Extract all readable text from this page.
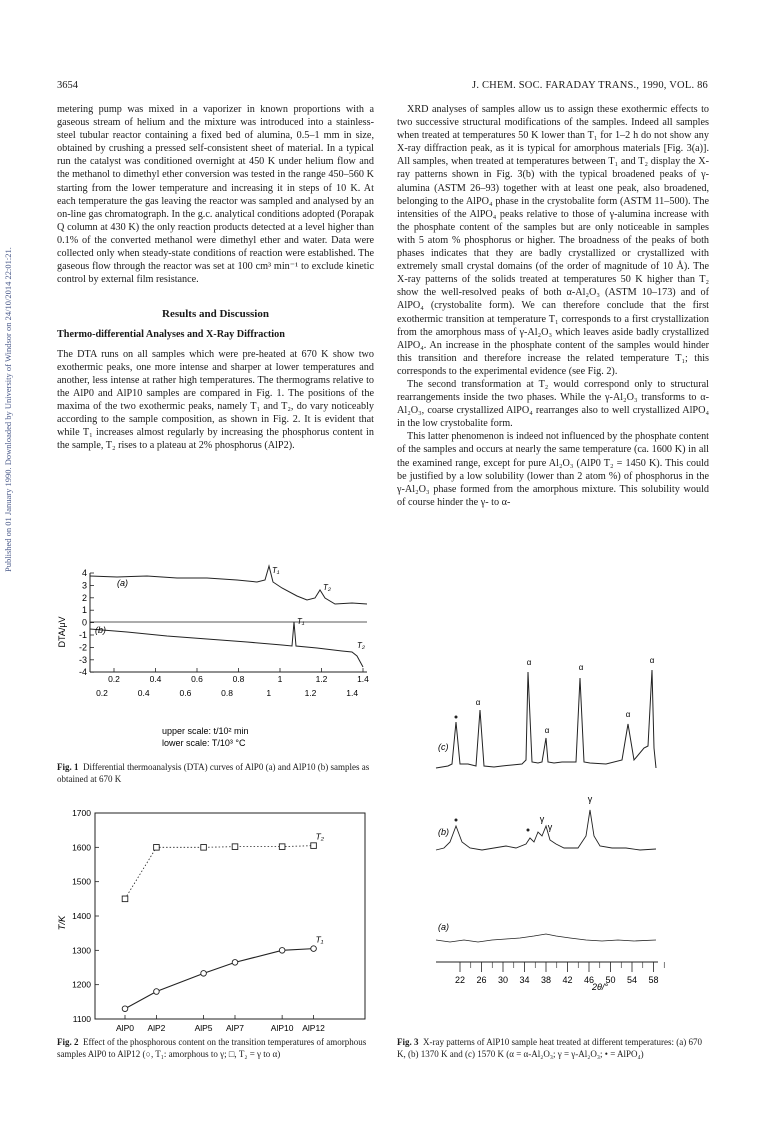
3654	J. CHEM. SOC. FARADAY TRANS., 1990, VOL. 86
Published on 01 January 1990. Downloaded by University of Windsor on 24/10/2014 22:01:21.

metering pump was mixed in a vaporizer in known proportions with a gaseous stream of helium and the mixture was introduced into a stainless-steel tubular reactor containing a fixed bed of alumina, 0.5–1 mm in size, obtained by crushing a pressed self-consistent sheet of material. In a typical run the catalyst was conditioned overnight at 450 K under helium flow and the methanol to dimethyl ether conversion was tested in the range 450–560 K starting from the lower temperature and increasing it in steps of 10 K. At each temperature the gas leaving the reactor was sampled and analysed by an on-line gas chromatograph. In the g.c. analytical conditions adopted (Porapak Q column at 430 K) the only reaction products detected at a level higher than 0.1% of the converted methanol were dimethyl ether and water. Data were collected only when steady-state conditions of reaction were established. The gaseous flow through the reactor was set at 100 cm³ min⁻¹ to exclude kinetic control by external film resistance.

Results and Discussion
Thermo-differential Analyses and X-Ray Diffraction

The DTA runs on all samples which were pre-heated at 670 K show two exothermic peaks, one more intense and sharper at lower temperatures and another, less intense at rather high temperatures. The thermograms relative to the AlP0 and AlP10 samples are compared in Fig. 1. The positions of the maxima of the two exothermic peaks, namely T₁ and T₂, do vary noticeably according to the sample composition, as shown in Fig. 2. It is evident that while T₁ increases almost regularly by increasing the phosphorus content in the sample, T₂ rises to a plateau at 2% phosphorus (AlP2).

DTA/μV
4
3
2
1
0
-1
-2
-3
-4
0.2	0.4	0.6	0.8	1	1.2	1.4
0.2	0.4	0.6	0.8	1	1.2	1.4
(a)
(b)
T₁
T₂
T₁
T₂
upper scale: t/10² min
lower scale: T/10³ °C
Fig. 1 Differential thermoanalysis (DTA) curves of AlP0 (a) and AlP10 (b) samples as obtained at 670 K
T/K
1700
1600
1500
1400
1300
1200
1100
AlP0 AlP2	AlP5 AlP7	AlP10 AlP12
T₂
T₁
Fig. 2 Effect of the phosphorous content on the transition temperatures of amorphous samples AlP0 to AlP12 (○, T₁: amorphous to γ; □, T₂ = γ to α)

XRD analyses of samples allow us to assign these exothermic effects to two successive structural modifications of the samples. Indeed all samples when treated at temperatures 50 K lower than T₁ for 1–2 h do not show any X-ray diffraction peak, as it is typical for amorphous materials [Fig. 3(a)]. All samples, when treated at temperatures between T₁ and T₂ display the X-ray patterns shown in Fig. 3(b) with the typical broadened peaks of γ-alumina (ASTM 26–93) together with at least one peak, also broadened, belonging to the AlPO₄ phase in the crystobalite form (ASTM 11–500). The intensities of the AlPO₄ peaks relative to those of γ-alumina increase with the phosphate content of the samples but are only noticeable in samples with 5 atom % phosphorus or higher. The broadness of the peaks of both phases indicates that they are badly crystallized or crystallized with extremely small crystal domains (of the order of magnitude of 10 Å). The X-ray patterns of the solids treated at temperatures 50 K higher than T₂ show the well-resolved peaks of both α-Al₂O₃ (ASTM 10–173) and of AlPO₄ (crystobalite form). We can therefore conclude that the first exothermic transition at temperature T₁ corresponds to a first crystallization from the amorphous mass of γ-Al₂O₃ which leaves aside badly crystallized AlPO₄. An increase in the phosphate content of the samples would hinder this transition and therefore increase the related temperature T₁; this corresponds to the experimental evidence (see Fig. 2).

The second transformation at T₂ would correspond only to structural rearrangements inside the two phases. While the γ-Al₂O₃ transforms to α-Al₂O₃, coarse crystallized AlPO₄ rearranges also to well crystallized AlPO₄ in the low crystobalite form.

This latter phenomenon is indeed not influenced by the phosphate content of the samples and occurs at nearly the same temperature (ca. 1600 K) in all the examined range, except for pure Al₂O₃ (AlP0 T₂ = 1450 K). This could be justified by a low solubility (lower than 2 atom %) of phosphorus in the γ-Al₂O₃ phase formed from the amorphous mixture. This solubility would of course hinder the γ- to α-

22 26 30 34 38 42 46 50 54 58
2θ/°
(c)
α
α
α
α
α
α
(b)
γ
γ
γ
(a)
Fig. 3 X-ray patterns of AlP10 sample heat treated at different temperatures: (a) 670 K, (b) 1370 K and (c) 1570 K (α = α-Al₂O₃; γ = γ-Al₂O₃; • = AlPO₄)
